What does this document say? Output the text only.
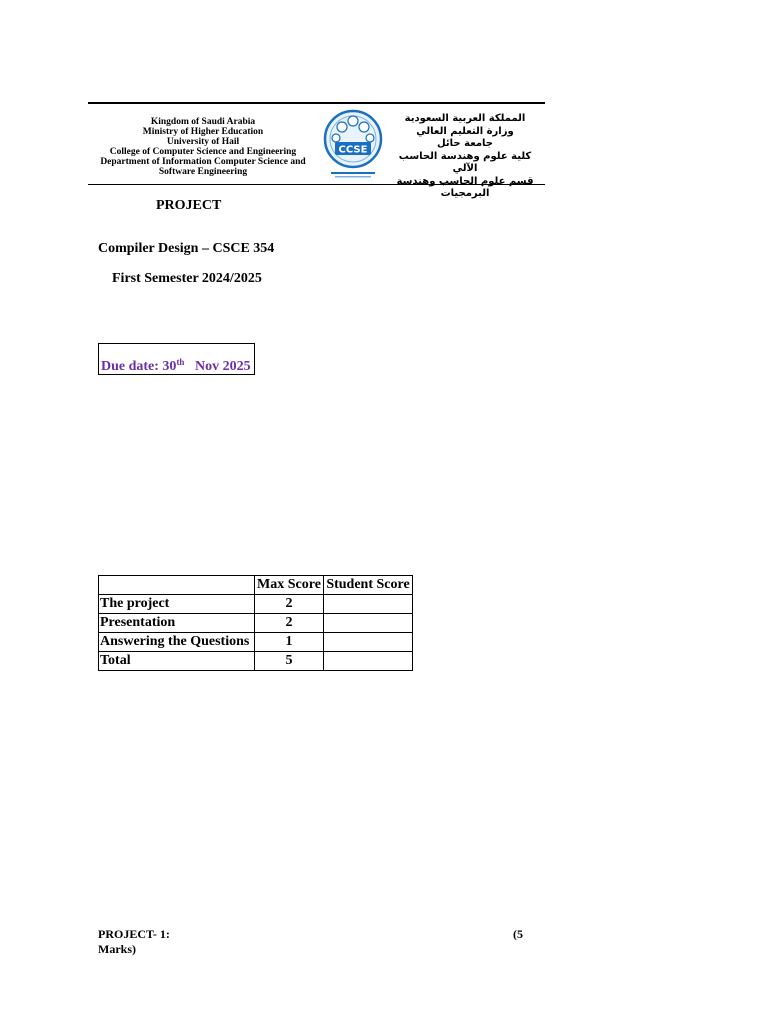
Kingdom of Saudi Arabia
Ministry of Higher Education
University of Hail
College of Computer Science and Engineering
Department of Information Computer Science and
Software Engineering
CCSE
المملكة العربية السعودية
وزارة التعليم العالي
جامعة حائل
كلية علوم وهندسة الحاسب الآلي
قسم علوم الحاسب وهندسة البرمجيات
PROJECT
Compiler Design – CSCE 354
First Semester 2024/2025
Due date: 30th Nov 2025
	Max Score	Student Score
The project	2	
Presentation	2	
Answering the Questions	1	
Total	5	
PROJECT- 1:	(5
Marks)
